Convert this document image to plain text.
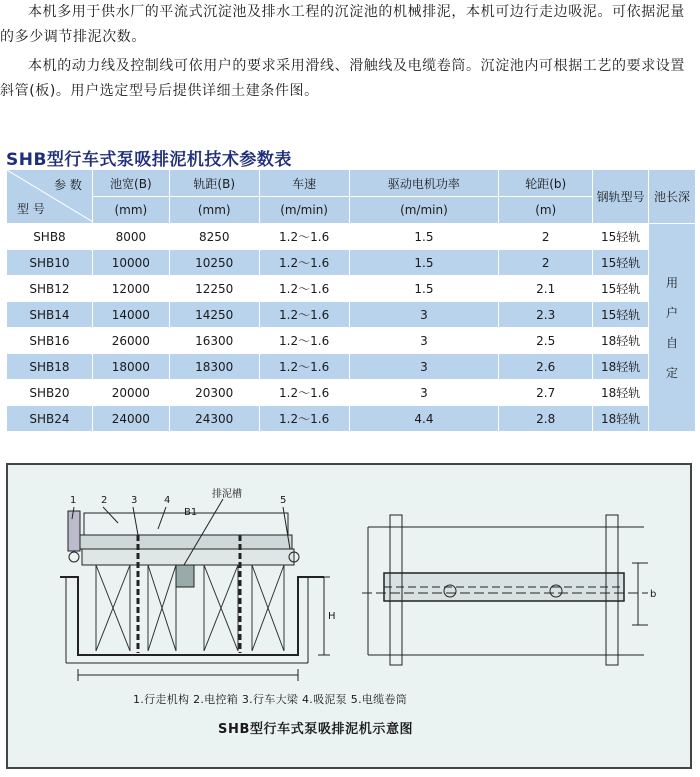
本机多用于供水厂的平流式沉淀池及排水工程的沉淀池的机械排泥，本机可边行走边吸泥。可依据泥量的多少调节排泥次数。

本机的动力线及控制线可依用户的要求采用滑线、滑触线及电缆卷筒。沉淀池内可根据工艺的要求设置斜管(板)。用户选定型号后提供详细土建条件图。

SHB型行车式泵吸排泥机技术参数表
参 数
型 号	池宽(B)	轨距(B)	车速	驱动电机功率	轮距(b)	钢轨型号	池长深
	(mm)	(mm)	(m/min)	(m/min)	(m)		
SHB8	8000	8250	1.2～1.6	1.5	2	15轻轨	用户自定
SHB10	10000	10250	1.2～1.6	1.5	2	15轻轨	
SHB12	12000	12250	1.2～1.6	1.5	2.1	15轻轨	
SHB14	14000	14250	1.2～1.6	3	2.3	15轻轨	
SHB16	26000	16300	1.2～1.6	3	2.5	18轻轨	
SHB18	18000	18300	1.2～1.6	3	2.6	18轻轨	
SHB20	20000	20300	1.2～1.6	3	2.7	18轻轨	
SHB24	24000	24300	1.2～1.6	4.4	2.8	18轻轨	
1 2 3	4	5
B1
排泥槽
H
b
1.行走机构 2.电控箱 3.行车大梁 4.吸泥泵 5.电缆卷筒
SHB型行车式泵吸排泥机示意图
